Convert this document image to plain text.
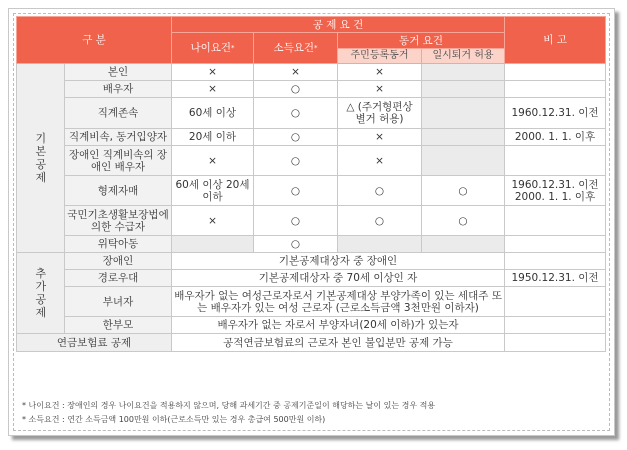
구 분		공 제 요 건				비 고
		나이요건*	소득요건*	동거 요건		
				주민등록동거	일시퇴거 허용	
기본공제	본인	×	×	×		
	배우자	×	○	×		
	직계존속	60세 이상	○	△ (주거형편상 별거 허용)		1960.12.31. 이전
	직계비속, 동거입양자	20세 이하	○	×		2000. 1. 1. 이후
	장애인 직계비속의 장애인 배우자	×	○	×		
	형제자매	60세 이상 20세 이하	○	○	○	1960.12.31. 이전 2000. 1. 1. 이후
	국민기초생활보장법에 의한 수급자	×	○	○	○	
	위탁아동		○			
추가공제	장애인	기본공제대상자 중 장애인				
	경로우대	기본공제대상자 중 70세 이상인 자				1950.12.31. 이전
	부녀자	배우자가 없는 여성근로자로서 기본공제대상 부양가족이 있는 세대주 또는 배우자가 있는 여성 근로자 (근로소득금액 3천만원 이하자)				
	한부모	배우자가 없는 자로서 부양자녀(20세 이하)가 있는자				
연금보험료 공제		공적연금보험료의 근로자 본인 불입분만 공제 가능				
* 나이요건 : 장애인의 경우 나이요건을 적용하지 않으며, 당해 과세기간 중 공제기준일이 해당하는 날이 있는 경우 적용
* 소득요건 : 연간 소득금액 100만원 이하(근로소득만 있는 경우 총급여 500만원 이하)
